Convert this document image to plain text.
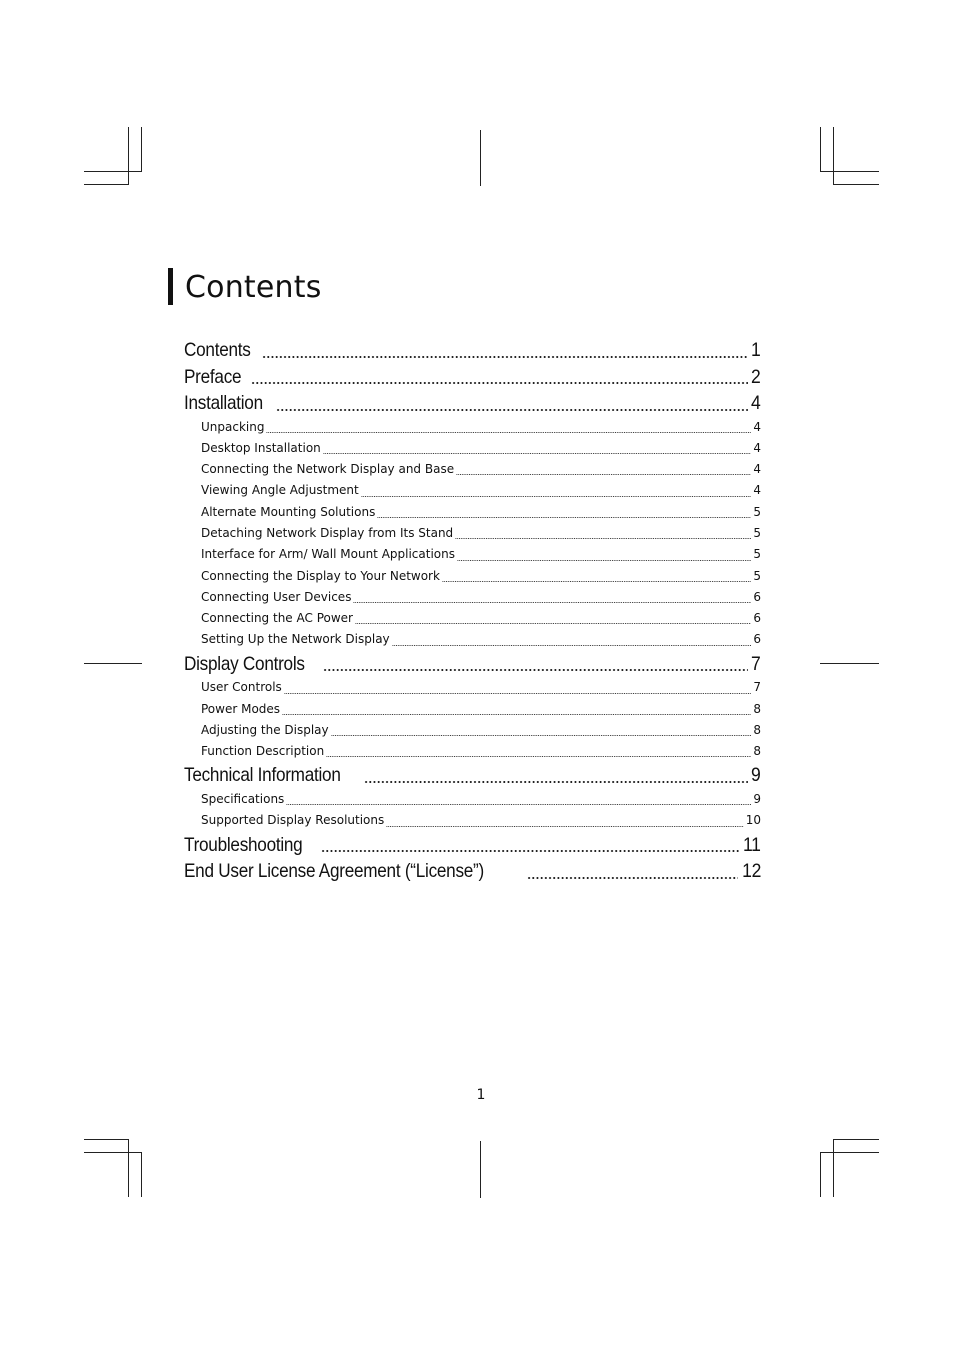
Contents
Contents	1
Preface	2
Installation	4
Unpacking	4
Desktop Installation	4
Connecting the Network Display and Base	4
Viewing Angle Adjustment	4
Alternate Mounting Solutions	5
Detaching Network Display from Its Stand	5
Interface for Arm/ Wall Mount Applications	5
Connecting the Display to Your Network	5
Connecting User Devices	6
Connecting the AC Power	6
Setting Up the Network Display	6
Display Controls	7
User Controls	7
Power Modes	8
Adjusting the Display	8
Function Description	8
Technical Information	9
Specifications	9
Supported Display Resolutions	10
Troubleshooting	11
End User License Agreement (“License”)	12
1
